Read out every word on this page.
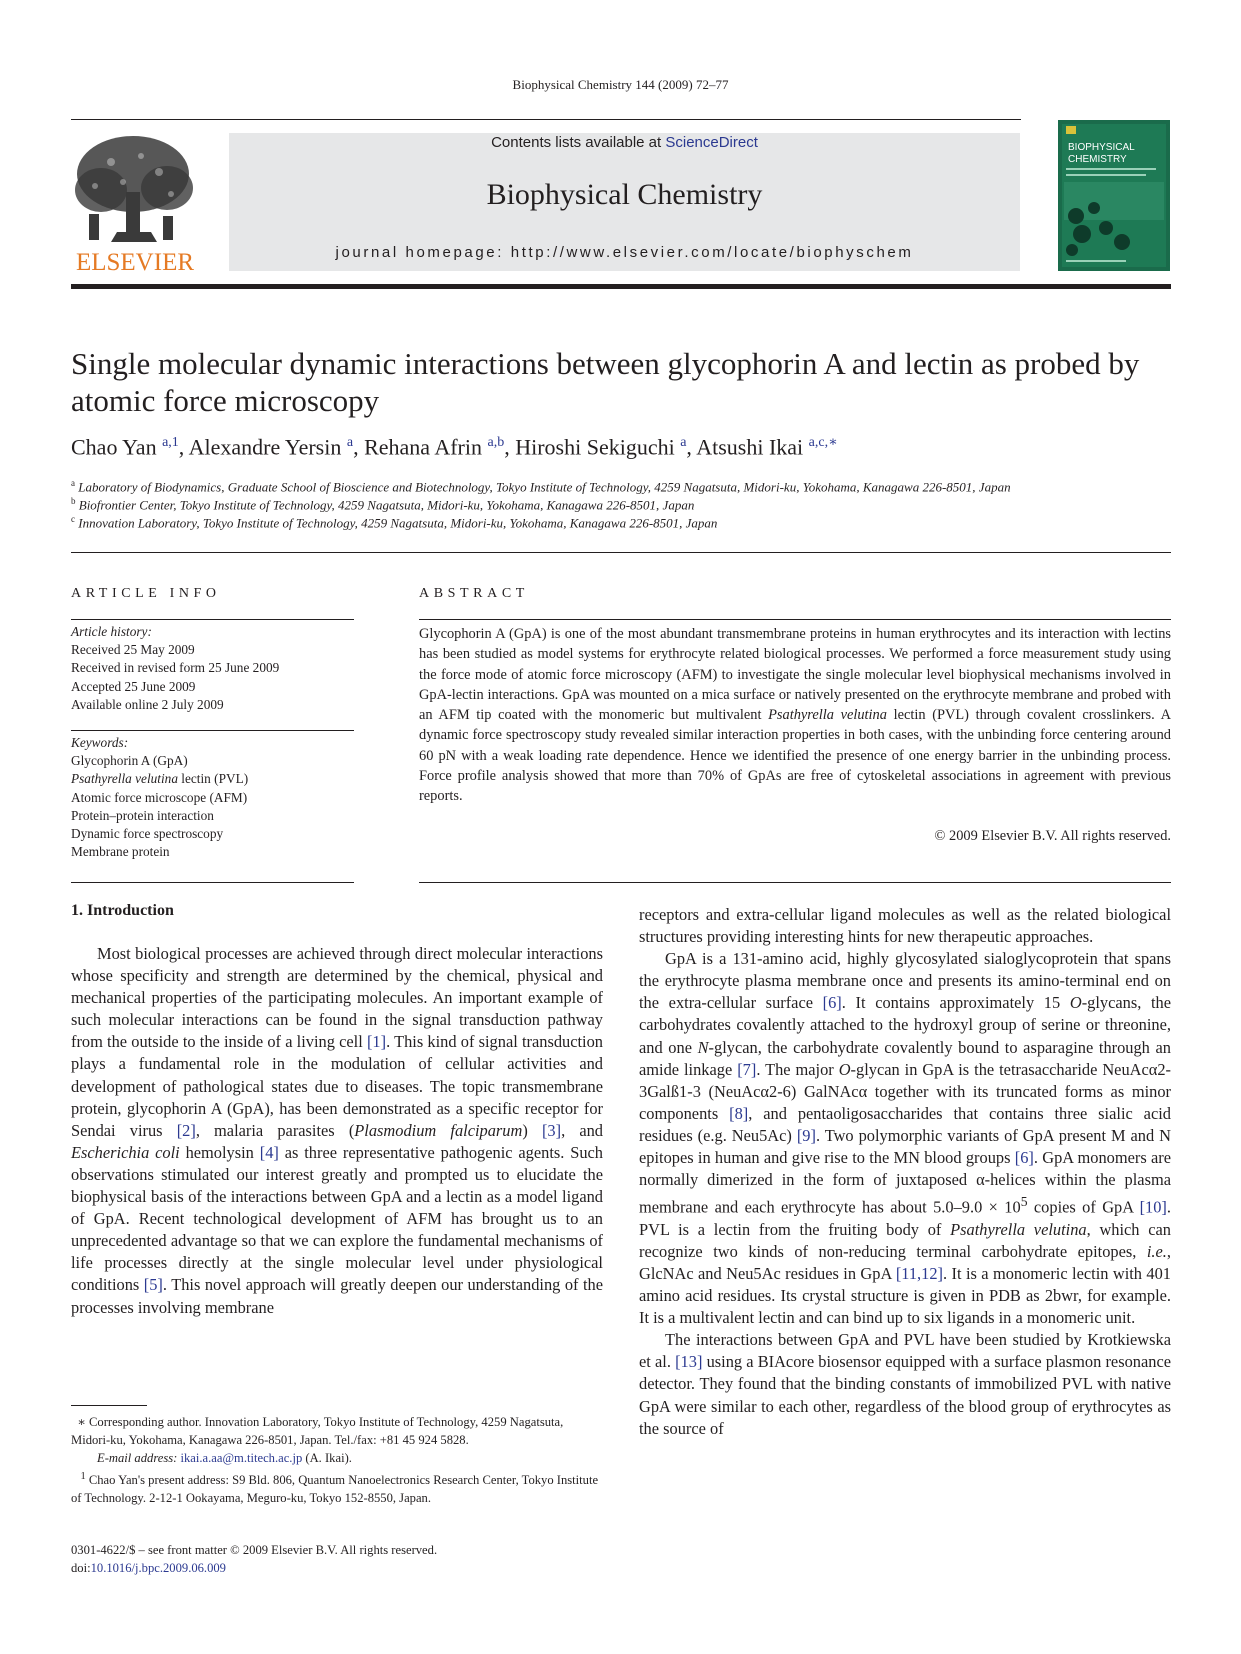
Biophysical Chemistry 144 (2009) 72–77
ELSEVIER
Contents lists available at ScienceDirect
Biophysical Chemistry
journal homepage: http://www.elsevier.com/locate/biophyschem
BIOPHYSICAL
CHEMISTRY
Single molecular dynamic interactions between glycophorin A and lectin as probed by atomic force microscopy
Chao Yan $^{a,1}$, Alexandre Yersin $^a$, Rehana Afrin $^{a,b}$, Hiroshi Sekiguchi $^a$, Atsushi Ikai $^{a,c,∗}$
$^a$ Laboratory of Biodynamics, Graduate School of Bioscience and Biotechnology, Tokyo Institute of Technology, 4259 Nagatsuta, Midori-ku, Yokohama, Kanagawa 226-8501, Japan
$^b$ Biofrontier Center, Tokyo Institute of Technology, 4259 Nagatsuta, Midori-ku, Yokohama, Kanagawa 226-8501, Japan
$^c$ Innovation Laboratory, Tokyo Institute of Technology, 4259 Nagatsuta, Midori-ku, Yokohama, Kanagawa 226-8501, Japan
ARTICLE INFO	ABSTRACT
Article history:
Received 25 May 2009
Received in revised form 25 June 2009
Accepted 25 June 2009
Available online 2 July 2009
Keywords:
Glycophorin A (GpA)
Psathyrella velutina lectin (PVL)
Atomic force microscope (AFM)
Protein–protein interaction
Dynamic force spectroscopy
Membrane protein
Glycophorin A (GpA) is one of the most abundant transmembrane proteins in human erythrocytes and its interaction with lectins has been studied as model systems for erythrocyte related biological processes. We performed a force measurement study using the force mode of atomic force microscopy (AFM) to investigate the single molecular level biophysical mechanisms involved in GpA-lectin interactions. GpA was mounted on a mica surface or natively presented on the erythrocyte membrane and probed with an AFM tip coated with the monomeric but multivalent Psathyrella velutina lectin (PVL) through covalent crosslinkers. A dynamic force spectroscopy study revealed similar interaction properties in both cases, with the unbinding force centering around 60 pN with a weak loading rate dependence. Hence we identified the presence of one energy barrier in the unbinding process. Force profile analysis showed that more than 70% of GpAs are free of cytoskeletal associations in agreement with previous reports.
© 2009 Elsevier B.V. All rights reserved.
1. Introduction

Most biological processes are achieved through direct molecular interactions whose specificity and strength are determined by the chemical, physical and mechanical properties of the participating molecules. An important example of such molecular interactions can be found in the signal transduction pathway from the outside to the inside of a living cell [1]. This kind of signal transduction plays a fundamental role in the modulation of cellular activities and development of pathological states due to diseases. The topic transmembrane protein, glycophorin A (GpA), has been demonstrated as a specific receptor for Sendai virus [2], malaria parasites (Plasmodium falciparum) [3], and Escherichia coli hemolysin [4] as three representative pathogenic agents. Such observations stimulated our interest greatly and prompted us to elucidate the biophysical basis of the interactions between GpA and a lectin as a model ligand of GpA. Recent technological development of AFM has brought us to an unprecedented advantage so that we can explore the fundamental mechanisms of life processes directly at the single molecular level under physiological conditions [5]. This novel approach will greatly deepen our understanding of the processes involving membrane

receptors and extra-cellular ligand molecules as well as the related biological structures providing interesting hints for new therapeutic approaches.

GpA is a 131-amino acid, highly glycosylated sialoglycoprotein that spans the erythrocyte plasma membrane once and presents its amino-terminal end on the extra-cellular surface [6]. It contains approximately 15 O-glycans, the carbohydrates covalently attached to the hydroxyl group of serine or threonine, and one N-glycan, the carbohydrate covalently bound to asparagine through an amide linkage [7]. The major O-glycan in GpA is the tetrasaccharide NeuAcα2-3Galß1-3 (NeuAcα2-6) GalNAcα together with its truncated forms as minor components [8], and pentaoligosaccharides that contains three sialic acid residues (e.g. Neu5Ac) [9]. Two polymorphic variants of GpA present M and N epitopes in human and give rise to the MN blood groups [6]. GpA monomers are normally dimerized in the form of juxtaposed α-helices within the plasma membrane and each erythrocyte has about $5.0-9.0 \times 10^5$ copies of GpA [10]. PVL is a lectin from the fruiting body of Psathyrella velutina, which can recognize two kinds of non-reducing terminal carbohydrate epitopes, i.e., GlcNAc and Neu5Ac residues in GpA [11,12]. It is a monomeric lectin with 401 amino acid residues. Its crystal structure is given in PDB as 2bwr, for example. It is a multivalent lectin and can bind up to six ligands in a monomeric unit.

The interactions between GpA and PVL have been studied by Krotkiewska et al. [13] using a BIAcore biosensor equipped with a surface plasmon resonance detector. They found that the binding constants of immobilized PVL with native GpA were similar to each other, regardless of the blood group of erythrocytes as the source of

∗ Corresponding author. Innovation Laboratory, Tokyo Institute of Technology, 4259 Nagatsuta, Midori-ku, Yokohama, Kanagawa 226-8501, Japan. Tel./fax: +81 45 924 5828.

E-mail address: ikai.a.aa@m.titech.ac.jp (A. Ikai).

$^1$ Chao Yan's present address: S9 Bld. 806, Quantum Nanoelectronics Research Center, Tokyo Institute of Technology. 2-12-1 Ookayama, Meguro-ku, Tokyo 152-8550, Japan.

0301-4622/$ – see front matter © 2009 Elsevier B.V. All rights reserved.

doi:10.1016/j.bpc.2009.06.009
